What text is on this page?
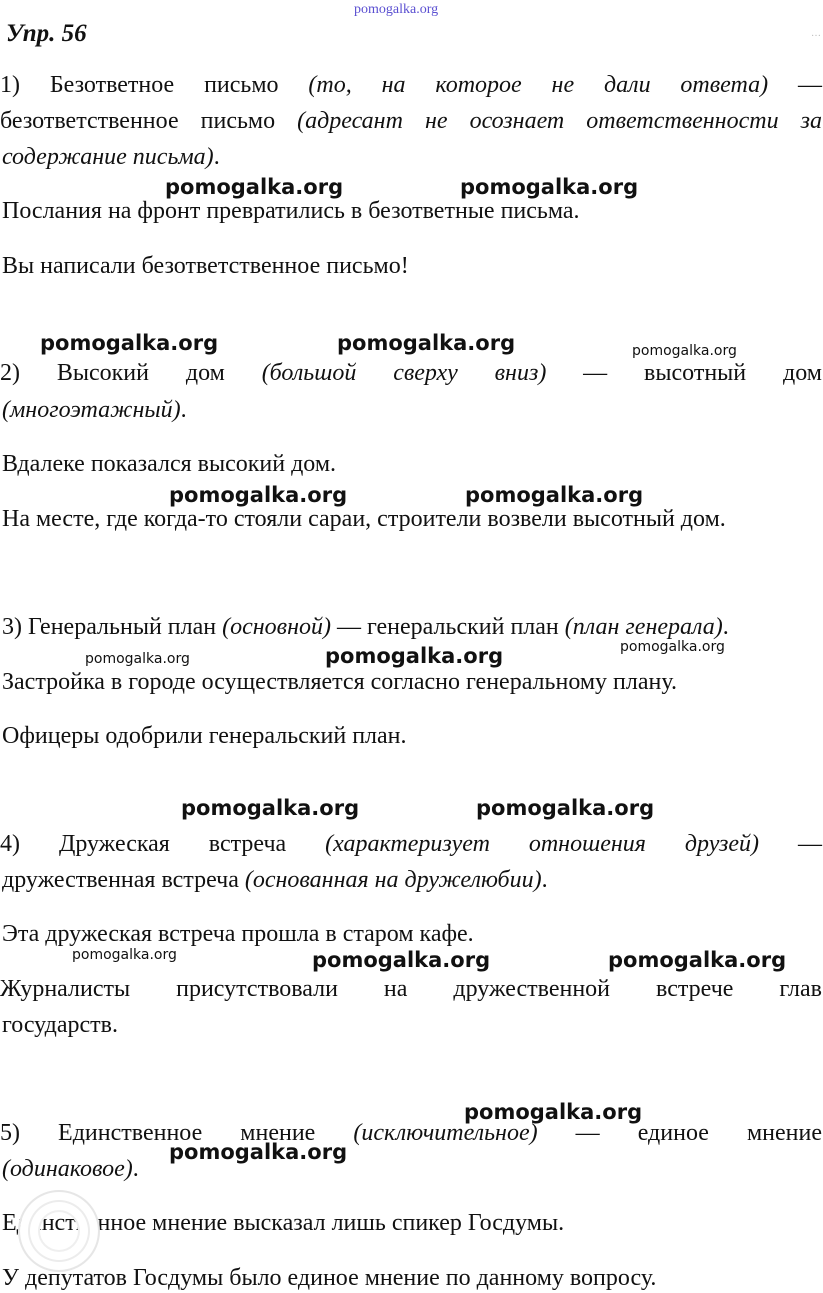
pomogalka.org
…
Упр. 56
1) Безответное письмо (то, на которое не дали ответа) —
безответственное письмо (адресант не осознает ответственности за
содержание письма).
Послания на фронт превратились в безответные письма.
Вы написали безответственное письмо!
2) Высокий дом (большой сверху вниз) — высотный дом
(многоэтажный).
Вдалеке показался высокий дом.
На месте, где когда-то стояли сараи, строители возвели высотный дом.
3) Генеральный план (основной) — генеральский план (план генерала).
Застройка в городе осуществляется согласно генеральному плану.
Офицеры одобрили генеральский план.
4) Дружеская встреча (характеризует отношения друзей) —
дружественная встреча (основанная на дружелюбии).
Эта дружеская встреча прошла в старом кафе.
Журналисты присутствовали на дружественной встрече глав
государств.
5) Единственное мнение (исключительное) — единое мнение
(одинаковое).
Единственное мнение высказал лишь спикер Госдумы.
У депутатов Госдумы было единое мнение по данному вопросу.
pomogalka.org	pomogalka.org
pomogalka.org	pomogalka.org	pomogalka.org
pomogalka.org	pomogalka.org
pomogalka.org	pomogalka.org	pomogalka.org
pomogalka.org	pomogalka.org
pomogalka.org	pomogalka.org	pomogalka.org
pomogalka.org
pomogalka.org
